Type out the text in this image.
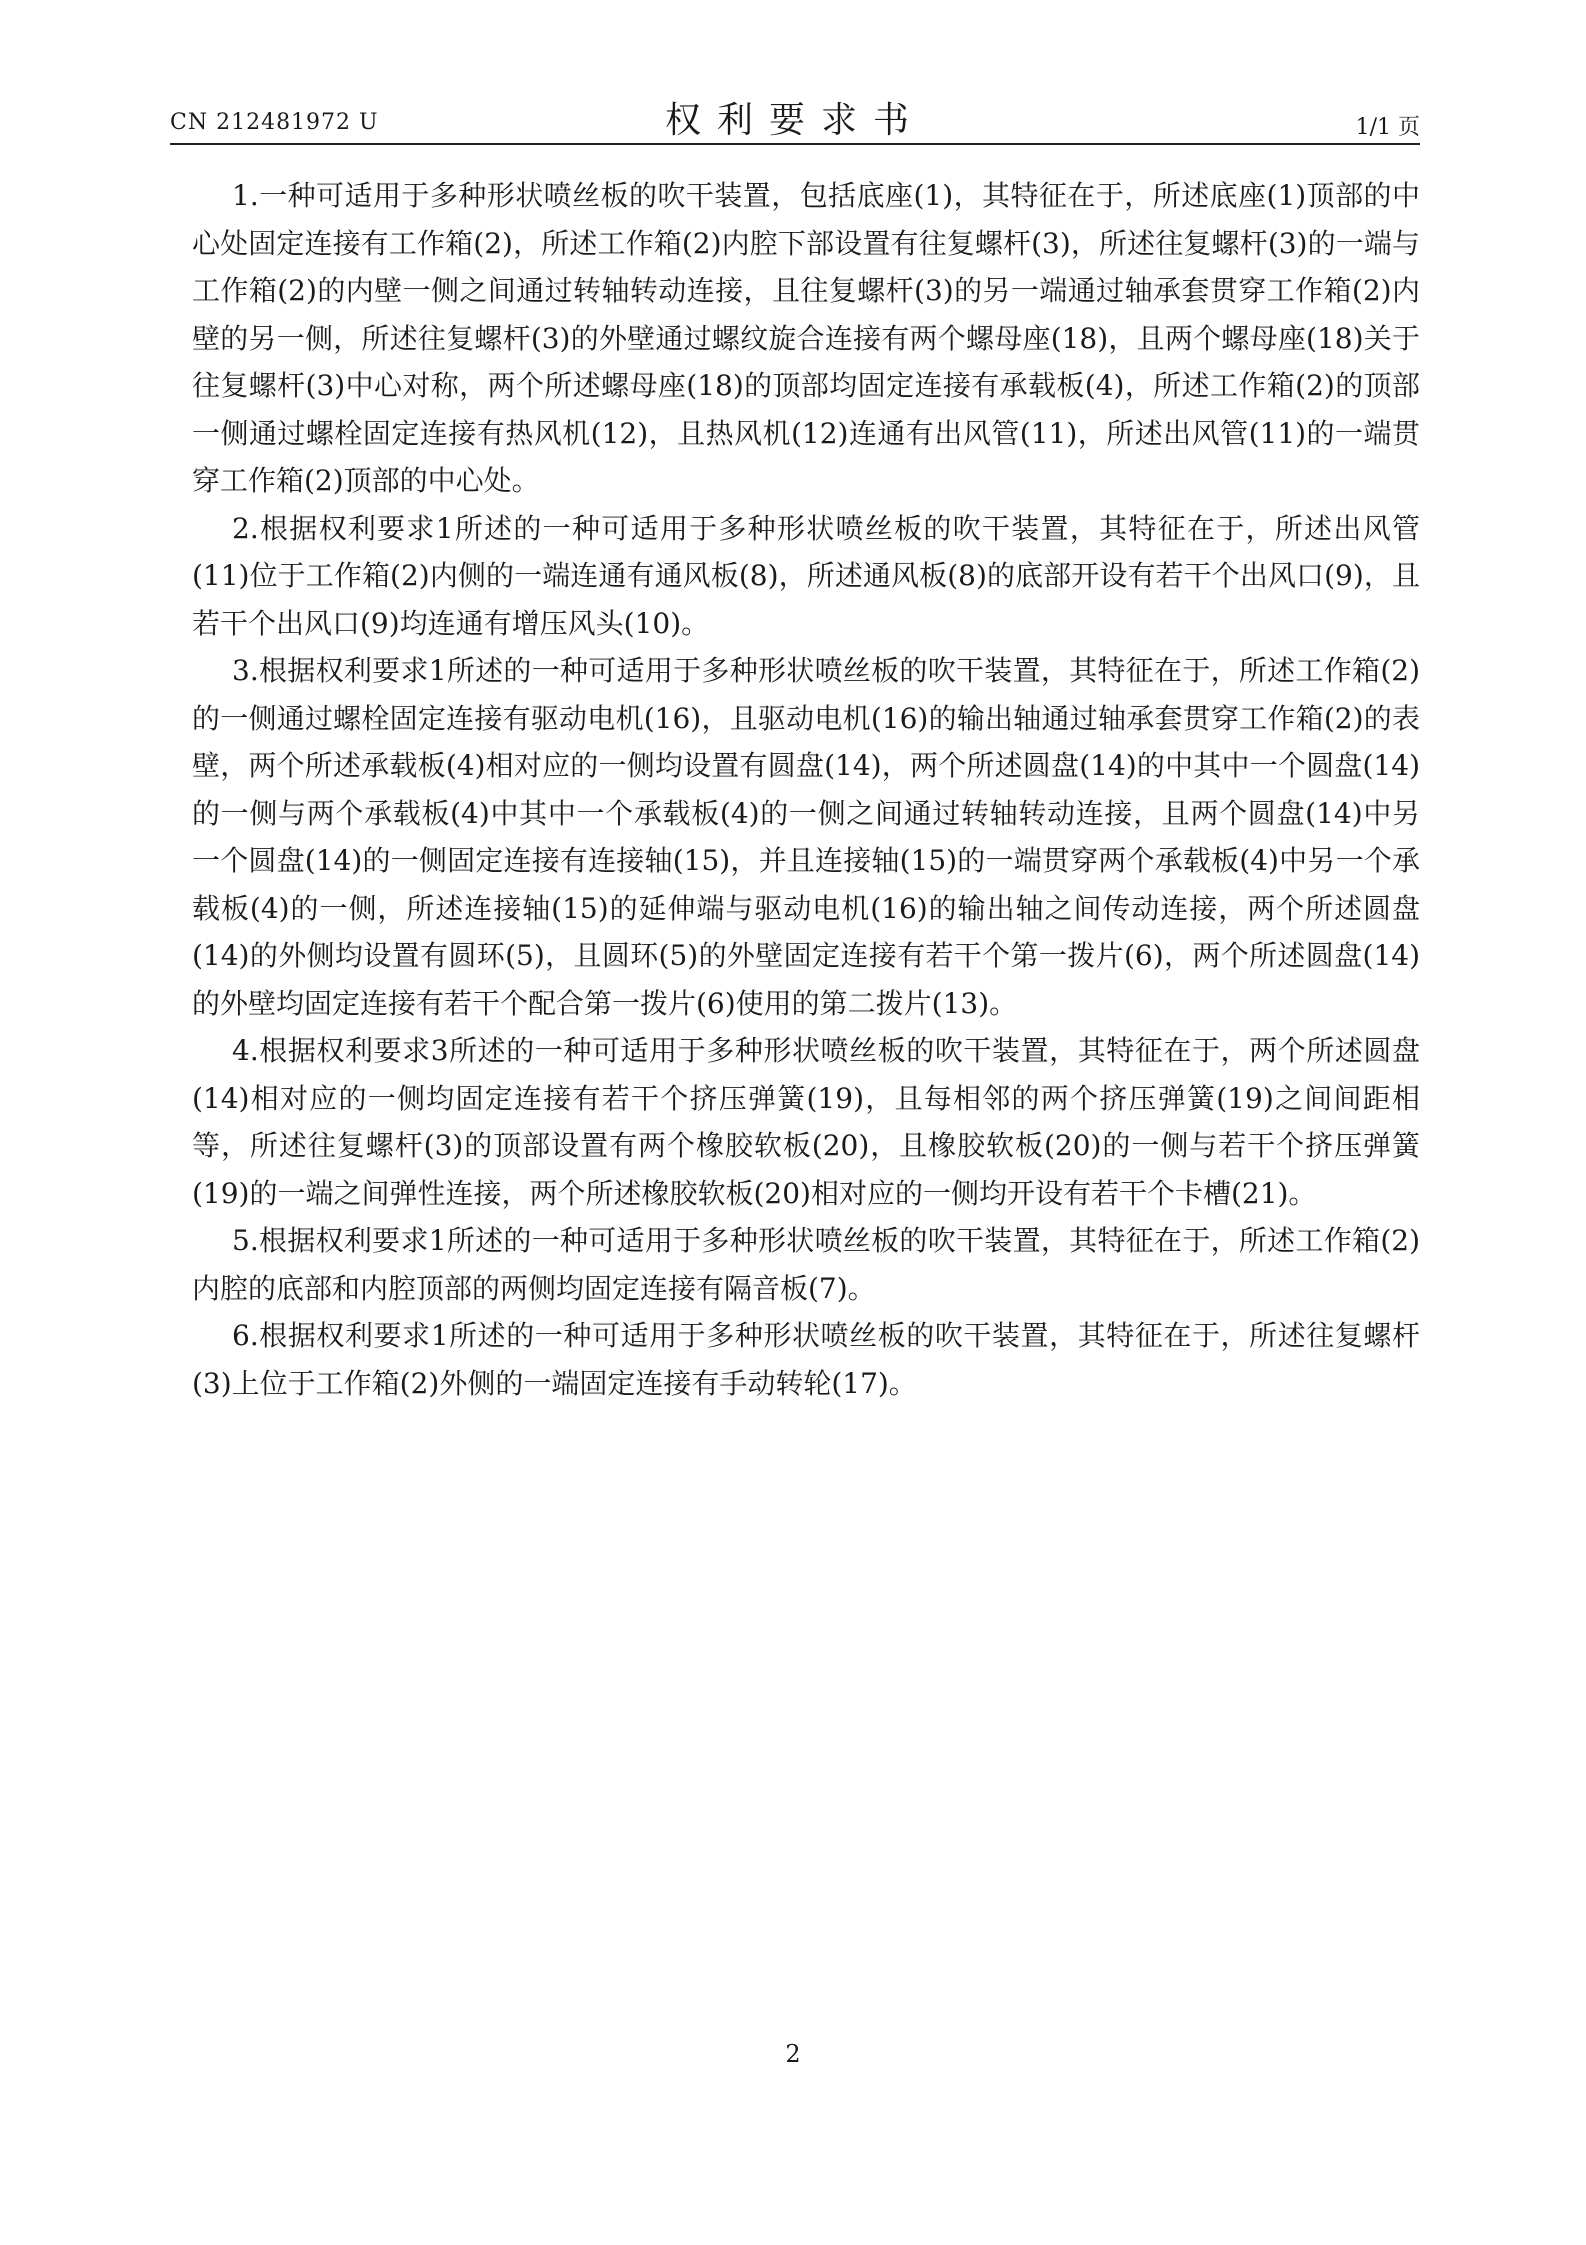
CN 212481972 U	权利要求书	1/1 页

1.一种可适用于多种形状喷丝板的吹干装置，包括底座(1)，其特征在于，所述底座(1)顶部的中心处固定连接有工作箱(2)，所述工作箱(2)内腔下部设置有往复螺杆(3)，所述往复螺杆(3)的一端与工作箱(2)的内壁一侧之间通过转轴转动连接，且往复螺杆(3)的另一端通过轴承套贯穿工作箱(2)内壁的另一侧，所述往复螺杆(3)的外壁通过螺纹旋合连接有两个螺母座(18)，且两个螺母座(18)关于往复螺杆(3)中心对称，两个所述螺母座(18)的顶部均固定连接有承载板(4)，所述工作箱(2)的顶部一侧通过螺栓固定连接有热风机(12)，且热风机(12)连通有出风管(11)，所述出风管(11)的一端贯穿工作箱(2)顶部的中心处。

2.根据权利要求1所述的一种可适用于多种形状喷丝板的吹干装置，其特征在于，所述出风管(11)位于工作箱(2)内侧的一端连通有通风板(8)，所述通风板(8)的底部开设有若干个出风口(9)，且若干个出风口(9)均连通有增压风头(10)。

3.根据权利要求1所述的一种可适用于多种形状喷丝板的吹干装置，其特征在于，所述工作箱(2)的一侧通过螺栓固定连接有驱动电机(16)，且驱动电机(16)的输出轴通过轴承套贯穿工作箱(2)的表壁，两个所述承载板(4)相对应的一侧均设置有圆盘(14)，两个所述圆盘(14)的中其中一个圆盘(14)的一侧与两个承载板(4)中其中一个承载板(4)的一侧之间通过转轴转动连接，且两个圆盘(14)中另一个圆盘(14)的一侧固定连接有连接轴(15)，并且连接轴(15)的一端贯穿两个承载板(4)中另一个承载板(4)的一侧，所述连接轴(15)的延伸端与驱动电机(16)的输出轴之间传动连接，两个所述圆盘(14)的外侧均设置有圆环(5)，且圆环(5)的外壁固定连接有若干个第一拨片(6)，两个所述圆盘(14)的外壁均固定连接有若干个配合第一拨片(6)使用的第二拨片(13)。

4.根据权利要求3所述的一种可适用于多种形状喷丝板的吹干装置，其特征在于，两个所述圆盘(14)相对应的一侧均固定连接有若干个挤压弹簧(19)，且每相邻的两个挤压弹簧(19)之间间距相等，所述往复螺杆(3)的顶部设置有两个橡胶软板(20)，且橡胶软板(20)的一侧与若干个挤压弹簧(19)的一端之间弹性连接，两个所述橡胶软板(20)相对应的一侧均开设有若干个卡槽(21)。

5.根据权利要求1所述的一种可适用于多种形状喷丝板的吹干装置，其特征在于，所述工作箱(2)内腔的底部和内腔顶部的两侧均固定连接有隔音板(7)。

6.根据权利要求1所述的一种可适用于多种形状喷丝板的吹干装置，其特征在于，所述往复螺杆(3)上位于工作箱(2)外侧的一端固定连接有手动转轮(17)。

2
